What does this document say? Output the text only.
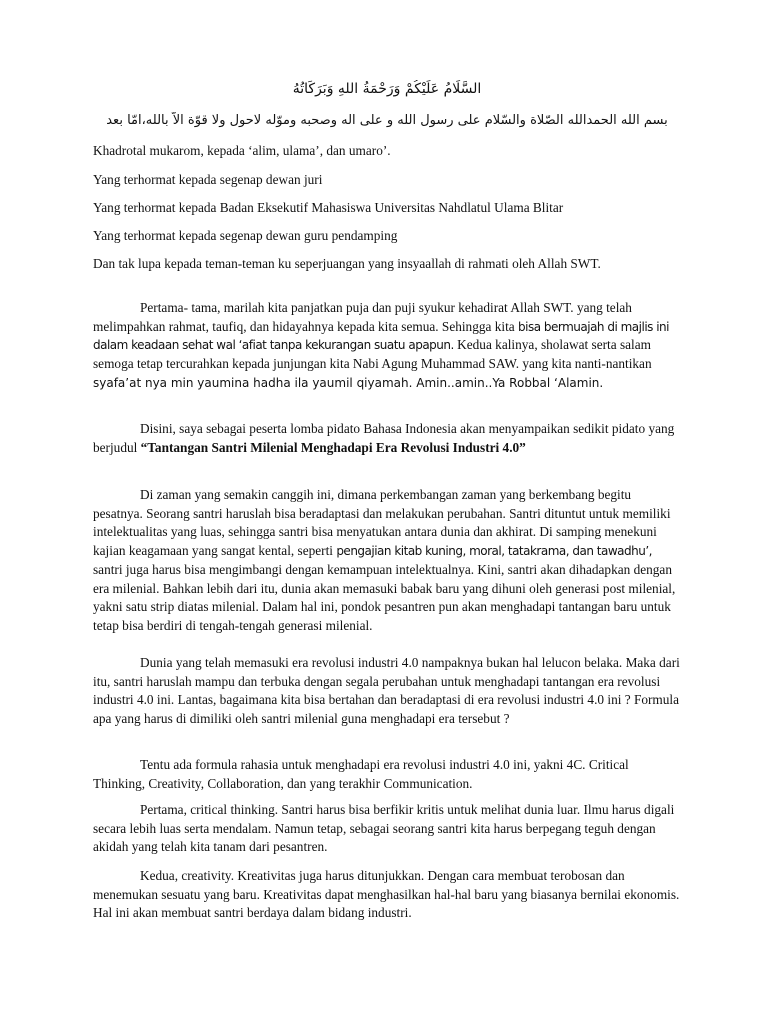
السَّلَامُ عَلَيْكُمْ وَرَحْمَةُ اللهِ وَبَرَكَاتُهُ
بسم الله الحمدالله الصّلاة والسّلام على رسول الله و على اله وصحبه وموّله لاحول ولا قوّة الاّ بالله،امّا بعد

Khadrotal mukarom, kepada ‘alim, ulama’, dan umaro’.

Yang terhormat kepada segenap dewan juri

Yang terhormat kepada Badan Eksekutif Mahasiswa Universitas Nahdlatul Ulama Blitar

Yang terhormat kepada segenap dewan guru pendamping

Dan tak lupa kepada teman-teman ku seperjuangan yang insyaallah di rahmati oleh Allah SWT.

Pertama- tama, marilah kita panjatkan puja dan puji syukur kehadirat Allah SWT. yang telah melimpahkan rahmat, taufiq, dan hidayahnya kepada kita semua. Sehingga kita bisa bermuajah di majlis ini dalam keadaan sehat wal ‘afiat tanpa kekurangan suatu apapun. Kedua kalinya, sholawat serta salam semoga tetap tercurahkan kepada junjungan kita Nabi Agung Muhammad SAW. yang kita nanti-nantikan syafa’at nya min yaumina hadha ila yaumil qiyamah. Amin..amin..Ya Robbal ‘Alamin.

Disini, saya sebagai peserta lomba pidato Bahasa Indonesia akan menyampaikan sedikit pidato yang berjudul “Tantangan Santri Milenial Menghadapi Era Revolusi Industri 4.0”

Di zaman yang semakin canggih ini, dimana perkembangan zaman yang berkembang begitu pesatnya. Seorang santri haruslah bisa beradaptasi dan melakukan perubahan. Santri dituntut untuk memiliki intelektualitas yang luas, sehingga santri bisa menyatukan antara dunia dan akhirat. Di samping menekuni kajian keagamaan yang sangat kental, seperti pengajian kitab kuning, moral, tatakrama, dan tawadhu’, santri juga harus bisa mengimbangi dengan kemampuan intelektualnya. Kini, santri akan dihadapkan dengan era milenial. Bahkan lebih dari itu, dunia akan memasuki babak baru yang dihuni oleh generasi post milenial, yakni satu strip diatas milenial. Dalam hal ini, pondok pesantren pun akan menghadapi tantangan baru untuk tetap bisa berdiri di tengah-tengah generasi milenial.

Dunia yang telah memasuki era revolusi industri 4.0 nampaknya bukan hal lelucon belaka. Maka dari itu, santri haruslah mampu dan terbuka dengan segala perubahan untuk menghadapi tantangan era revolusi industri 4.0 ini. Lantas, bagaimana kita bisa bertahan dan beradaptasi di era revolusi industri 4.0 ini ? Formula apa yang harus di dimiliki oleh santri milenial guna menghadapi era tersebut ?

Tentu ada formula rahasia untuk menghadapi era revolusi industri 4.0 ini, yakni 4C. Critical Thinking, Creativity, Collaboration, dan yang terakhir Communication.

Pertama, critical thinking. Santri harus bisa berfikir kritis untuk melihat dunia luar. Ilmu harus digali secara lebih luas serta mendalam. Namun tetap, sebagai seorang santri kita harus berpegang teguh dengan akidah yang telah kita tanam dari pesantren.

Kedua, creativity. Kreativitas juga harus ditunjukkan. Dengan cara membuat terobosan dan menemukan sesuatu yang baru. Kreativitas dapat menghasilkan hal-hal baru yang biasanya bernilai ekonomis. Hal ini akan membuat santri berdaya dalam bidang industri.
